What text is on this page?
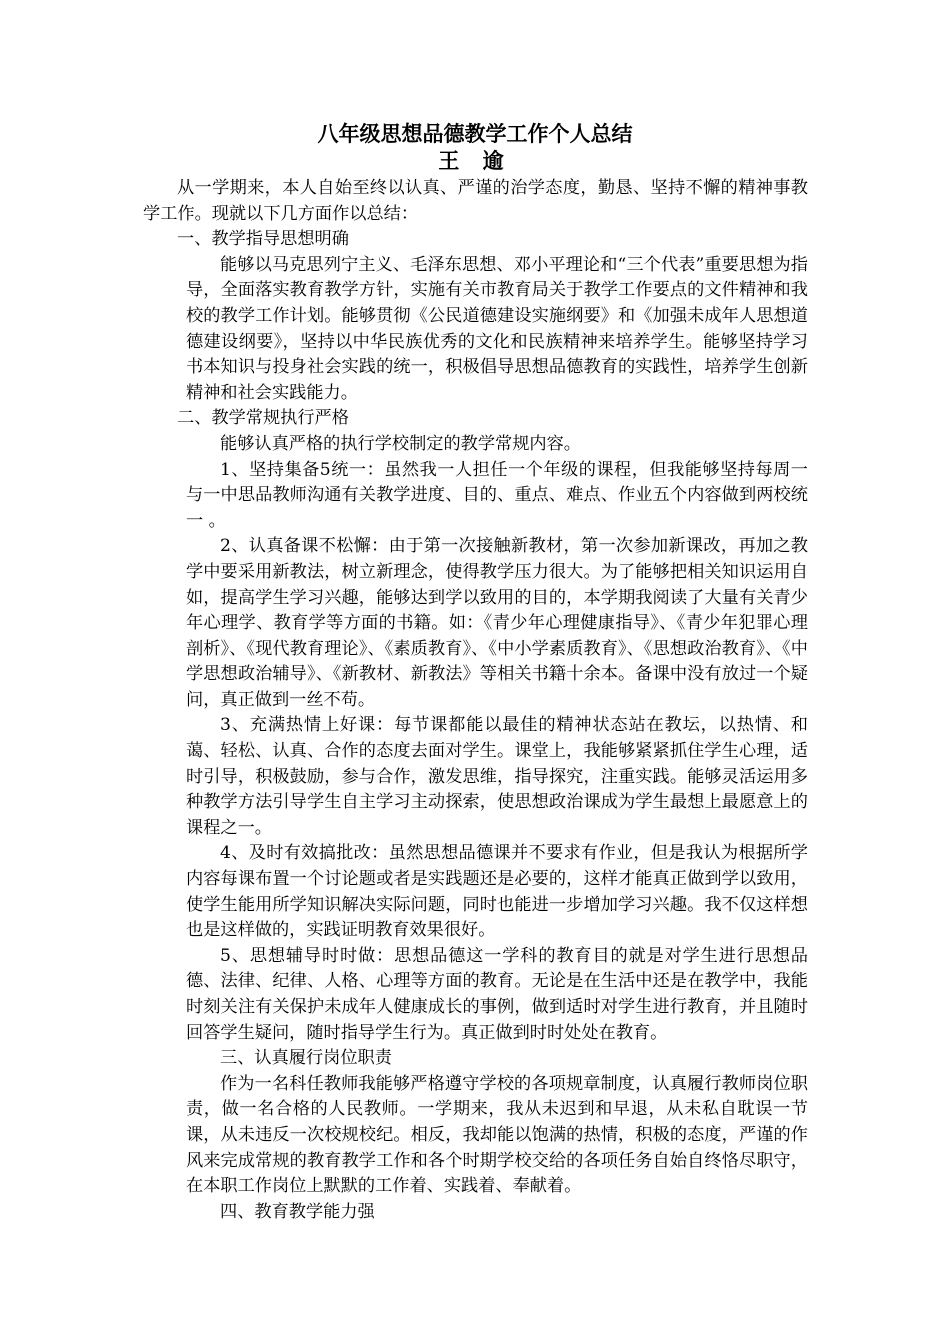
八年级思想品德教学工作个人总结
王 逾

从一学期来，本人自始至终以认真、严谨的治学态度，勤恳、坚持不懈的精神事教学工作。现就以下几方面作以总结：

一、教学指导思想明确

能够以马克思列宁主义、毛泽东思想、邓小平理论和“三个代表”重要思想为指导，全面落实教育教学方针，实施有关市教育局关于教学工作要点的文件精神和我校的教学工作计划。能够贯彻《公民道德建设实施纲要》和《加强未成年人思想道德建设纲要》，坚持以中华民族优秀的文化和民族精神来培养学生。能够坚持学习书本知识与投身社会实践的统一，积极倡导思想品德教育的实践性，培养学生创新精神和社会实践能力。

二、教学常规执行严格

能够认真严格的执行学校制定的教学常规内容。

1、坚持集备5统一：虽然我一人担任一个年级的课程，但我能够坚持每周一与一中思品教师沟通有关教学进度、目的、重点、难点、作业五个内容做到两校统一 。

2、认真备课不松懈：由于第一次接触新教材，第一次参加新课改，再加之教学中要采用新教法，树立新理念，使得教学压力很大。为了能够把相关知识运用自如，提高学生学习兴趣，能够达到学以致用的目的，本学期我阅读了大量有关青少年心理学、教育学等方面的书籍。如：《青少年心理健康指导》、《青少年犯罪心理剖析》、《现代教育理论》、《素质教育》、《中小学素质教育》、《思想政治教育》、《中学思想政治辅导》、《新教材、新教法》等相关书籍十余本。备课中没有放过一个疑问，真正做到一丝不苟。

3、充满热情上好课：每节课都能以最佳的精神状态站在教坛，以热情、和蔼、轻松、认真、合作的态度去面对学生。课堂上，我能够紧紧抓住学生心理，适时引导，积极鼓励，参与合作，激发思维，指导探究，注重实践。能够灵活运用多种教学方法引导学生自主学习主动探索，使思想政治课成为学生最想上最愿意上的课程之一。

4、及时有效搞批改：虽然思想品德课并不要求有作业，但是我认为根据所学内容每课布置一个讨论题或者是实践题还是必要的，这样才能真正做到学以致用，使学生能用所学知识解决实际问题，同时也能进一步增加学习兴趣。我不仅这样想也是这样做的，实践证明教育效果很好。

5、思想辅导时时做：思想品德这一学科的教育目的就是对学生进行思想品德、法律、纪律、人格、心理等方面的教育。无论是在生活中还是在教学中，我能时刻关注有关保护未成年人健康成长的事例，做到适时对学生进行教育，并且随时回答学生疑问，随时指导学生行为。真正做到时时处处在教育。

三、认真履行岗位职责

作为一名科任教师我能够严格遵守学校的各项规章制度，认真履行教师岗位职责，做一名合格的人民教师。一学期来，我从未迟到和早退，从未私自耽误一节课，从未违反一次校规校纪。相反，我却能以饱满的热情，积极的态度，严谨的作风来完成常规的教育教学工作和各个时期学校交给的各项任务自始自终恪尽职守，在本职工作岗位上默默的工作着、实践着、奉献着。

四、教育教学能力强
